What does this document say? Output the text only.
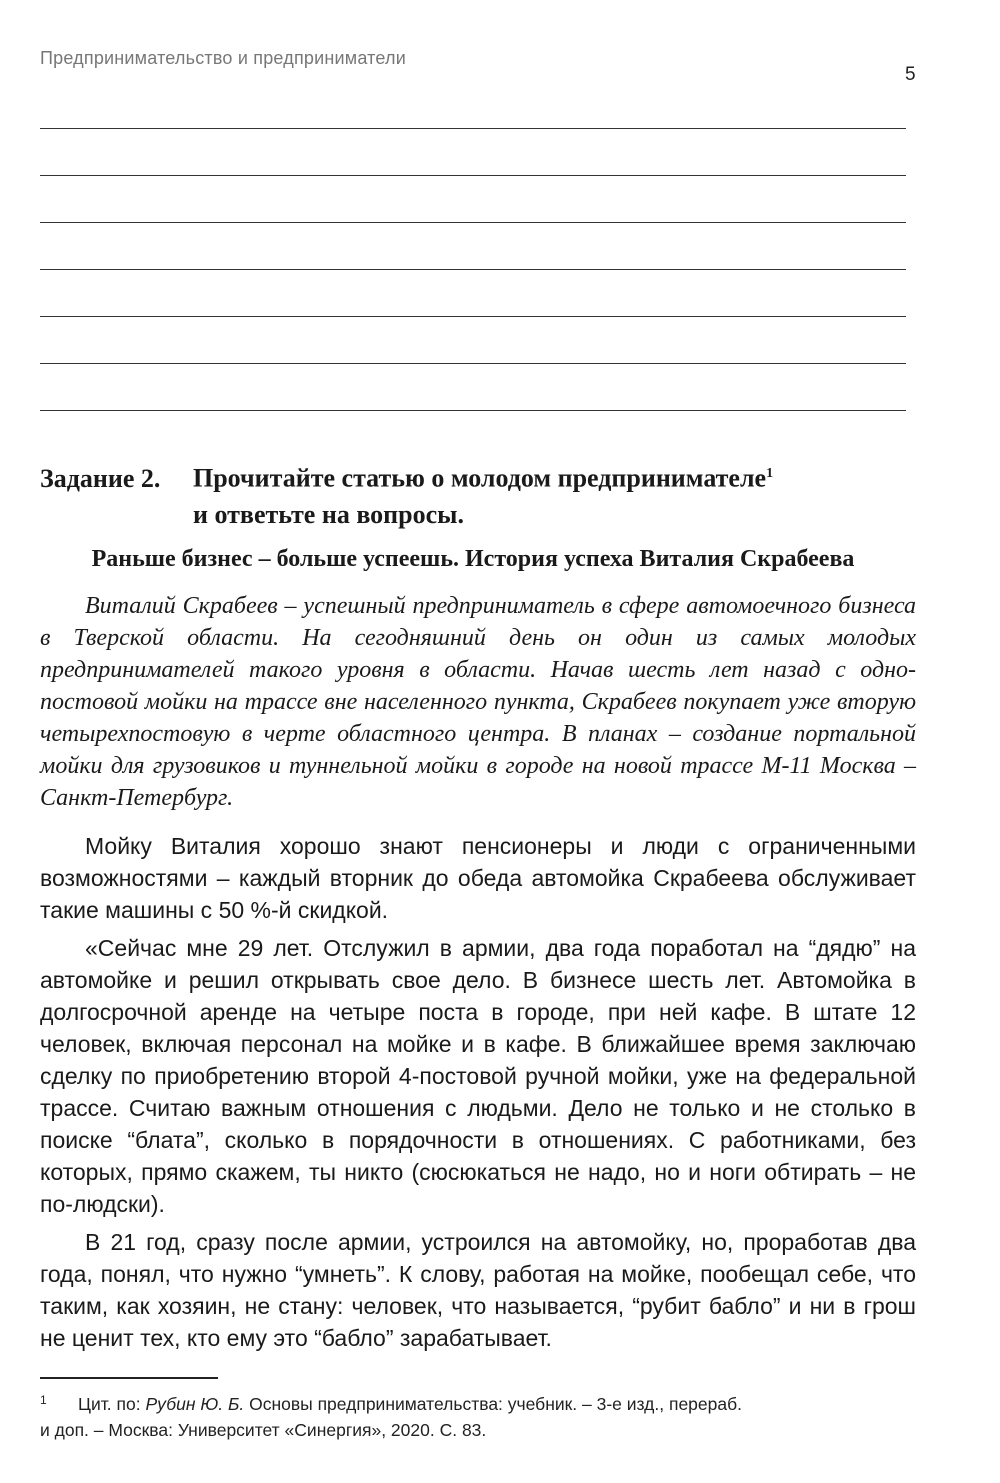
Предпринимательство и предприниматели
5
Задание 2. Прочитайте статью о молодом предпринимателе$^1$
и ответьте на вопросы.
Раньше бизнес – больше успеешь. История успеха Виталия Скрабеева

Виталий Скрабеев – успешный предприниматель в сфере автомоечного бизнеса в Тверской области. На сегодняшний день он один из самых молодых предпринимателей такого уровня в области. Начав шесть лет назад с одно-постовой мойки на трассе вне населенного пункта, Скрабеев покупает уже вторую четырехпостовую в черте областного центра. В планах – создание портальной мойки для грузовиков и туннельной мойки в городе на новой трассе М-11 Москва – Санкт-Петербург.

Мойку Виталия хорошо знают пенсионеры и люди с ограниченными возможностями – каждый вторник до обеда автомойка Скрабеева обслуживает такие машины с 50 %-й скидкой.

«Сейчас мне 29 лет. Отслужил в армии, два года поработал на “дядю” на автомойке и решил открывать свое дело. В бизнесе шесть лет. Автомойка в долгосрочной аренде на четыре поста в городе, при ней кафе. В штате 12 человек, включая персонал на мойке и в кафе. В ближайшее время заключаю сделку по приобретению второй 4-постовой ручной мойки, уже на федеральной трассе. Считаю важным отношения с людьми. Дело не только и не столько в поиске “блата”, сколько в порядочности в отношениях. С работниками, без которых, прямо скажем, ты никто (сюсюкаться не надо, но и ноги обтирать – не по-людски).

В 21 год, сразу после армии, устроился на автомойку, но, проработав два года, понял, что нужно “умнеть”. К слову, работая на мойке, пообещал себе, что таким, как хозяин, не стану: человек, что называется, “рубит бабло” и ни в грош не ценит тех, кто ему это “бабло” зарабатывает.

1	Цит. по: Рубин Ю. Б. Основы предпринимательства: учебник. – 3-е изд., перераб.
и доп. – Москва: Университет «Синергия», 2020. С. 83.
